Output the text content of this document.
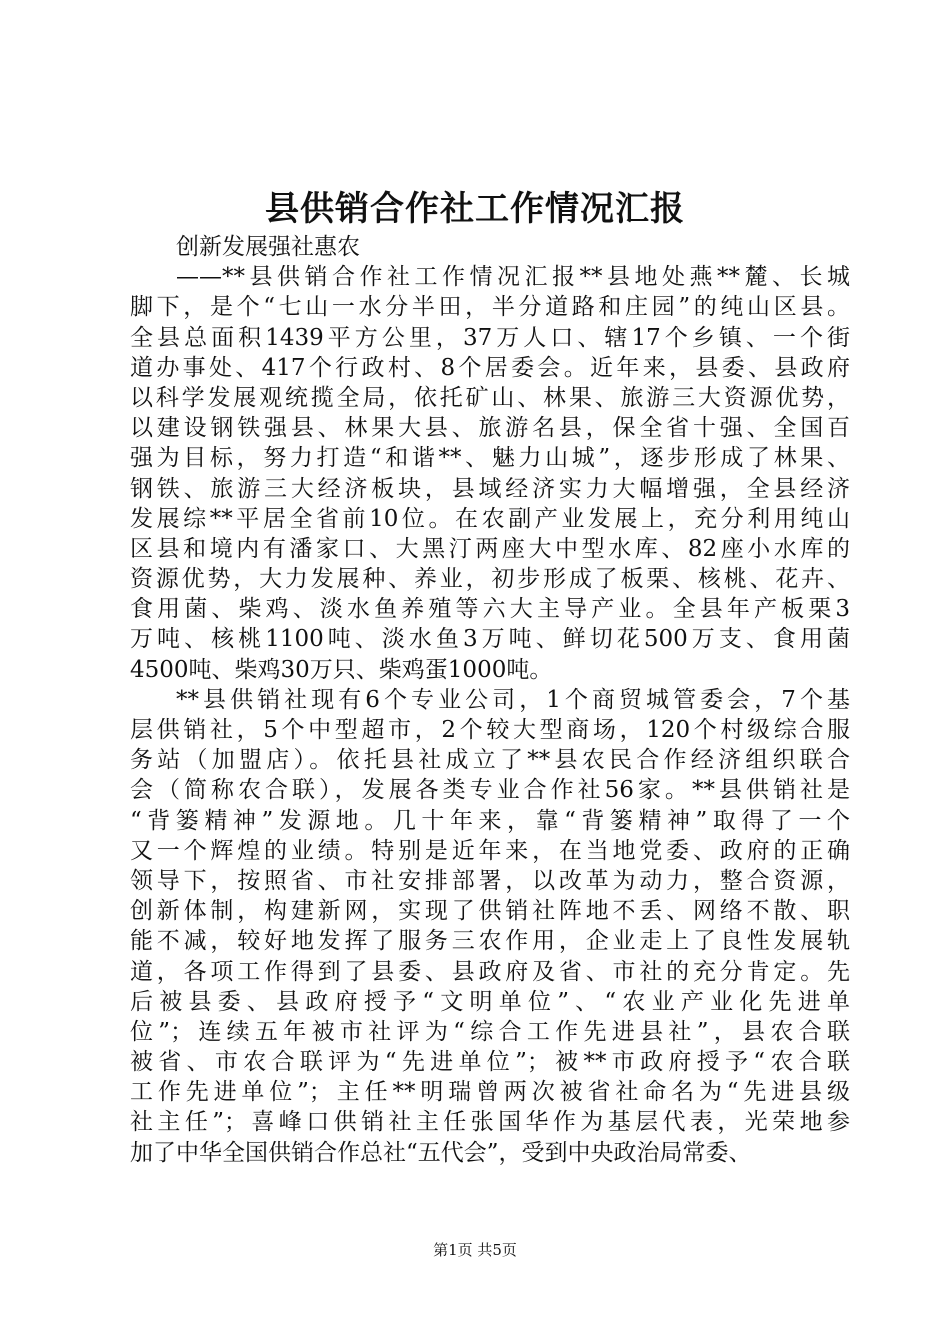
县供销合作社工作情况汇报
创新发展强社惠农
——**县供销合作社工作情况汇报**县地处燕**麓、长城
脚下，是个“七山一水分半田，半分道路和庄园”的纯山区县。
全县总面积1439平方公里，37万人口、辖17个乡镇、一个街
道办事处、417个行政村、8个居委会。近年来，县委、县政府
以科学发展观统揽全局，依托矿山、林果、旅游三大资源优势，
以建设钢铁强县、林果大县、旅游名县，保全省十强、全国百
强为目标，努力打造“和谐**、魅力山城”，逐步形成了林果、
钢铁、旅游三大经济板块，县域经济实力大幅增强，全县经济
发展综**平居全省前10位。在农副产业发展上，充分利用纯山
区县和境内有潘家口、大黑汀两座大中型水库、82座小水库的
资源优势，大力发展种、养业，初步形成了板栗、核桃、花卉、
食用菌、柴鸡、淡水鱼养殖等六大主导产业。全县年产板栗3
万吨、核桃1100吨、淡水鱼3万吨、鲜切花500万支、食用菌
4500吨、柴鸡30万只、柴鸡蛋1000吨。
**县供销社现有6个专业公司，1个商贸城管委会，7个基
层供销社，5个中型超市，2个较大型商场，120个村级综合服
务站（加盟店）。依托县社成立了**县农民合作经济组织联合
会（简称农合联），发展各类专业合作社56家。**县供销社是
“背篓精神”发源地。几十年来，靠“背篓精神”取得了一个
又一个辉煌的业绩。特别是近年来，在当地党委、政府的正确
领导下，按照省、市社安排部署，以改革为动力，整合资源，
创新体制，构建新网，实现了供销社阵地不丢、网络不散、职
能不减，较好地发挥了服务三农作用，企业走上了良性发展轨
道，各项工作得到了县委、县政府及省、市社的充分肯定。先
后被县委、县政府授予“文明单位”、“农业产业化先进单
位”；连续五年被市社评为“综合工作先进县社”，县农合联
被省、市农合联评为“先进单位”；被**市政府授予“农合联
工作先进单位”；主任**明瑞曾两次被省社命名为“先进县级
社主任”；喜峰口供销社主任张国华作为基层代表，光荣地参
加了中华全国供销合作总社“五代会”，受到中央政治局常委、
第1页 共5页
